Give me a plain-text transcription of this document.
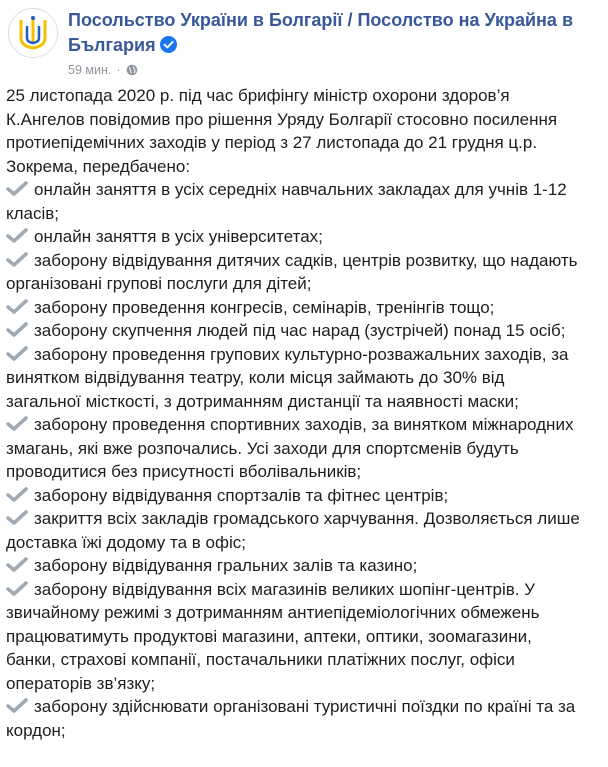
Посольство України в Болгарії / Посолство на Украйна в
България
59 мин. ·
25 листопада 2020 р. під час брифінгу міністр охорони здоров’я
К.Ангелов повідомив про рішення Уряду Болгарії стосовно посилення
протиепідемічних заходів у період з 27 листопада до 21 грудня ц.р.
Зокрема, передбачено:
онлайн заняття в усіх середніх навчальних закладах для учнів 1-12
класів;
онлайн заняття в усіх університетах;
заборону відвідування дитячих садків, центрів розвитку, що надають
організовані групові послуги для дітей;
заборону проведення конгресів, семінарів, тренінгів тощо;
заборону скупчення людей під час нарад (зустрічей) понад 15 осіб;
заборону проведення групових культурно-розважальних заходів, за
винятком відвідування театру, коли місця займають до 30% від
загальної місткості, з дотриманням дистанції та наявності маски;
заборону проведення спортивних заходів, за винятком міжнародних
змагань, які вже розпочались. Усі заходи для спортсменів будуть
проводитися без присутності вболівальників;
заборону відвідування спортзалів та фітнес центрів;
закриття всіх закладів громадського харчування. Дозволяється лише
доставка їжі додому та в офіс;
заборону відвідування гральних залів та казино;
заборону відвідування всіх магазинів великих шопінг-центрів. У
звичайному режимі з дотриманням антиепідеміологічних обмежень
працюватимуть продуктові магазини, аптеки, оптики, зоомагазини,
банки, страхові компанії, постачальники платіжних послуг, офіси
операторів зв’язку;
заборону здійснювати організовані туристичні поїздки по країні та за
кордон;
